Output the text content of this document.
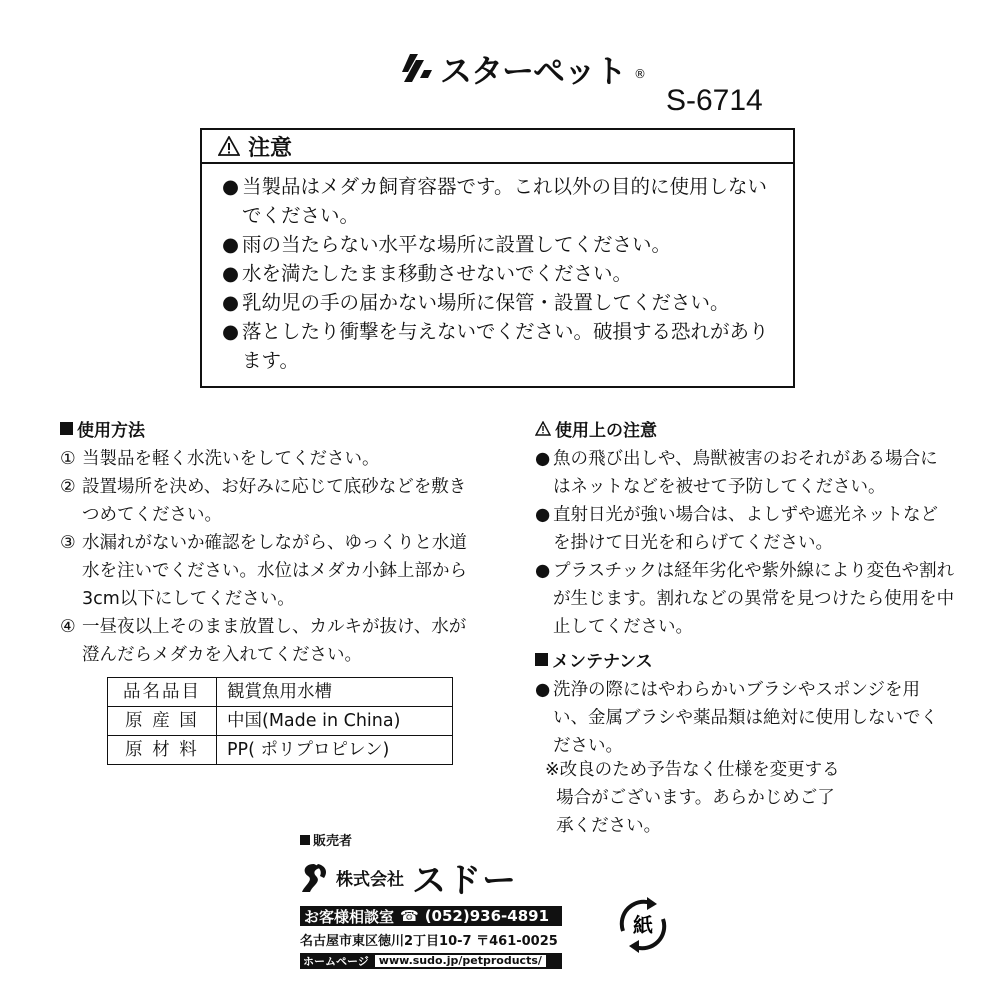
スターペット ®
S-6714
注意
● 当製品はメダカ飼育容器です。これ以外の目的に使用しないでください。
● 雨の当たらない水平な場所に設置してください。
● 水を満たしたまま移動させないでください。
● 乳幼児の手の届かない場所に保管・設置してください。
● 落としたり衝撃を与えないでください。破損する恐れがあります。
使用方法
① 当製品を軽く水洗いをしてください。
② 設置場所を決め、お好みに応じて底砂などを敷きつめてください。
③ 水漏れがないか確認をしながら、ゆっくりと水道水を注いでください。水位はメダカ小鉢上部から3cm以下にしてください。
④ 一昼夜以上そのまま放置し、カルキが抜け、水が澄んだらメダカを入れてください。
品名品目	観賞魚用水槽
原 産 国	中国(Made in China)
原 材 料	PP( ポリプロピレン)
使用上の注意
● 魚の飛び出しや、鳥獣被害のおそれがある場合にはネットなどを被せて予防してください。
● 直射日光が強い場合は、よしずや遮光ネットなどを掛けて日光を和らげてください。
● プラスチックは経年劣化や紫外線により変色や割れが生じます。割れなどの異常を見つけたら使用を中止してください。
メンテナンス
● 洗浄の際にはやわらかいブラシやスポンジを用い、金属ブラシや薬品類は絶対に使用しないでください。
※改良のため予告なく仕様を変更する
場合がございます。あらかじめご了
承ください。
販売者
株式会社 スドー
お客様相談室 ☎ (052)936-4891
名古屋市東区徳川2丁目10-7 〒461-0025
ホームページ www.sudo.jp/petproducts/
紙
